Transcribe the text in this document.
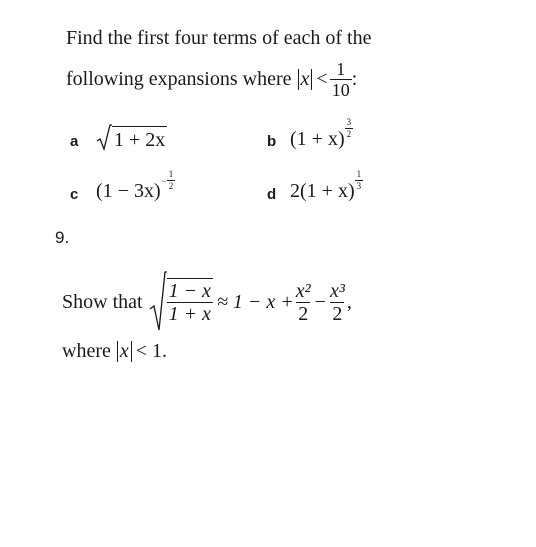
Find the first four terms of each of the
following expansions where $x < \frac{1}{10}$ :
a 1 + 2x	b $(1 + x) \frac{3}{2}$
c $(1 - 3x) - \frac{1}{2}$
d $2(1 + x) \frac{1}{3}$
9.
Show that $\frac{1 - x}{1 + x} \approx 1 - x + \frac{\text{x²}}{2} - \frac{\text{x³}}{2}$ ,
where x < 1.
